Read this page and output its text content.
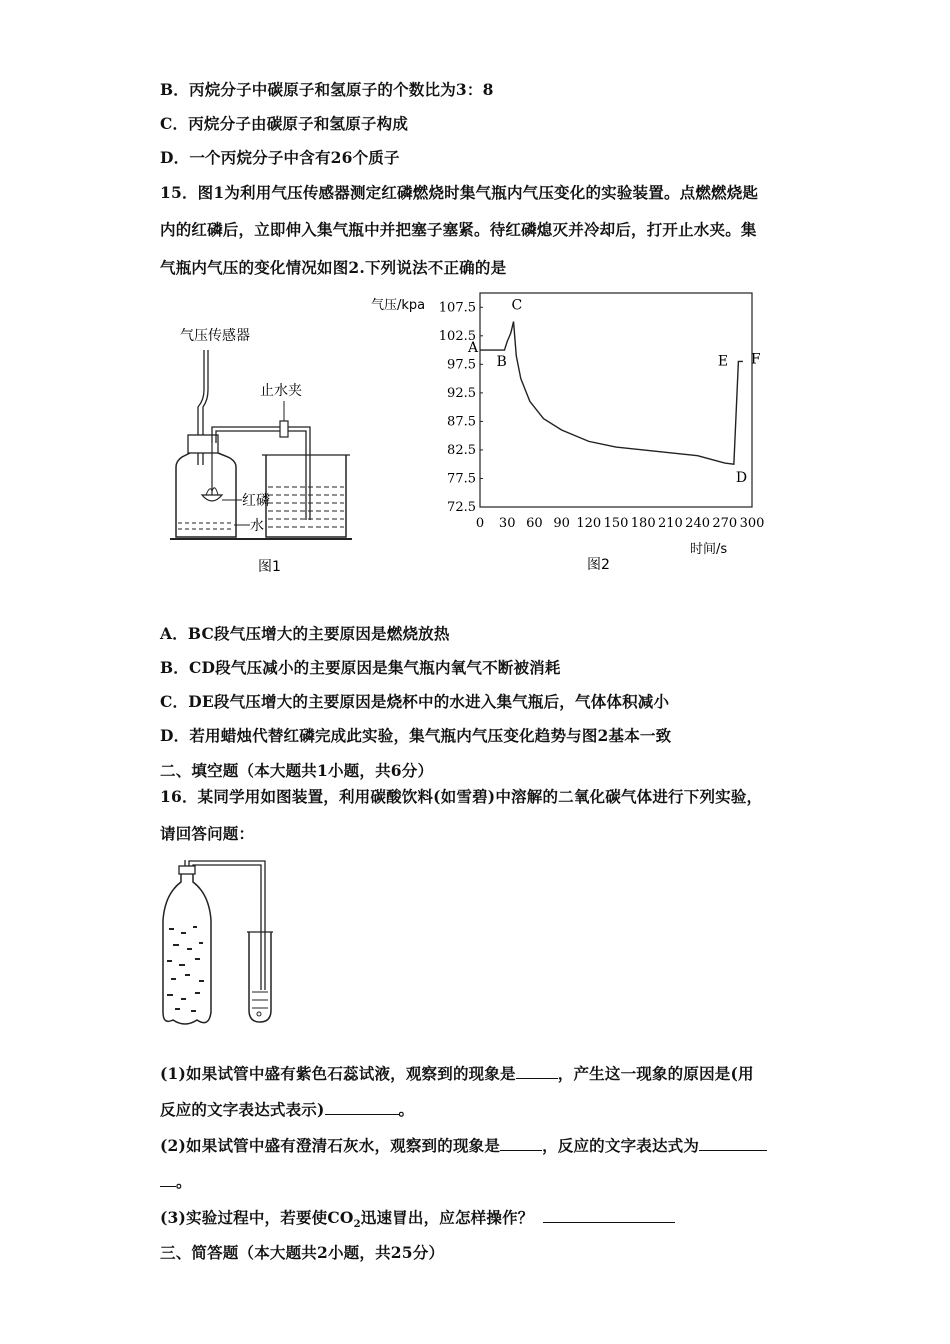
B．丙烷分子中碳原子和氢原子的个数比为3：8
C．丙烷分子由碳原子和氢原子构成
D．一个丙烷分子中含有26个质子
15．图1为利用气压传感器测定红磷燃烧时集气瓶内气压变化的实验装置。点燃燃烧匙
内的红磷后，立即伸入集气瓶中并把塞子塞紧。待红磷熄灭并冷却后，打开止水夹。集
气瓶内气压的变化情况如图2.下列说法不正确的是
气压传感器
止水夹
红磷
水
图1
气压/kpa 107.5
102.5
97.5
92.5
87.5
82.5
77.5
72.5
0 30 60 90 120 150 180 210 240 270 300
A
B
C
D
E F
时间/s
图2
A．BC段气压增大的主要原因是燃烧放热
B．CD段气压减小的主要原因是集气瓶内氧气不断被消耗
C．DE段气压增大的主要原因是烧杯中的水进入集气瓶后，气体体积减小
D．若用蜡烛代替红磷完成此实验，集气瓶内气压变化趋势与图2基本一致
二、填空题（本大题共1小题，共6分）
16．某同学用如图装置，利用碳酸饮料(如雪碧)中溶解的二氧化碳气体进行下列实验，
请回答问题：
(1)如果试管中盛有紫色石蕊试液，观察到的现象是	，产生这一现象的原因是(用
反应的文字表达式表示)	。
(2)如果试管中盛有澄清石灰水，观察到的现象是	，反应的文字表达式为
。
(3)实验过程中，若要使$CO_2$迅速冒出，应怎样操作？
三、简答题（本大题共2小题，共25分）
